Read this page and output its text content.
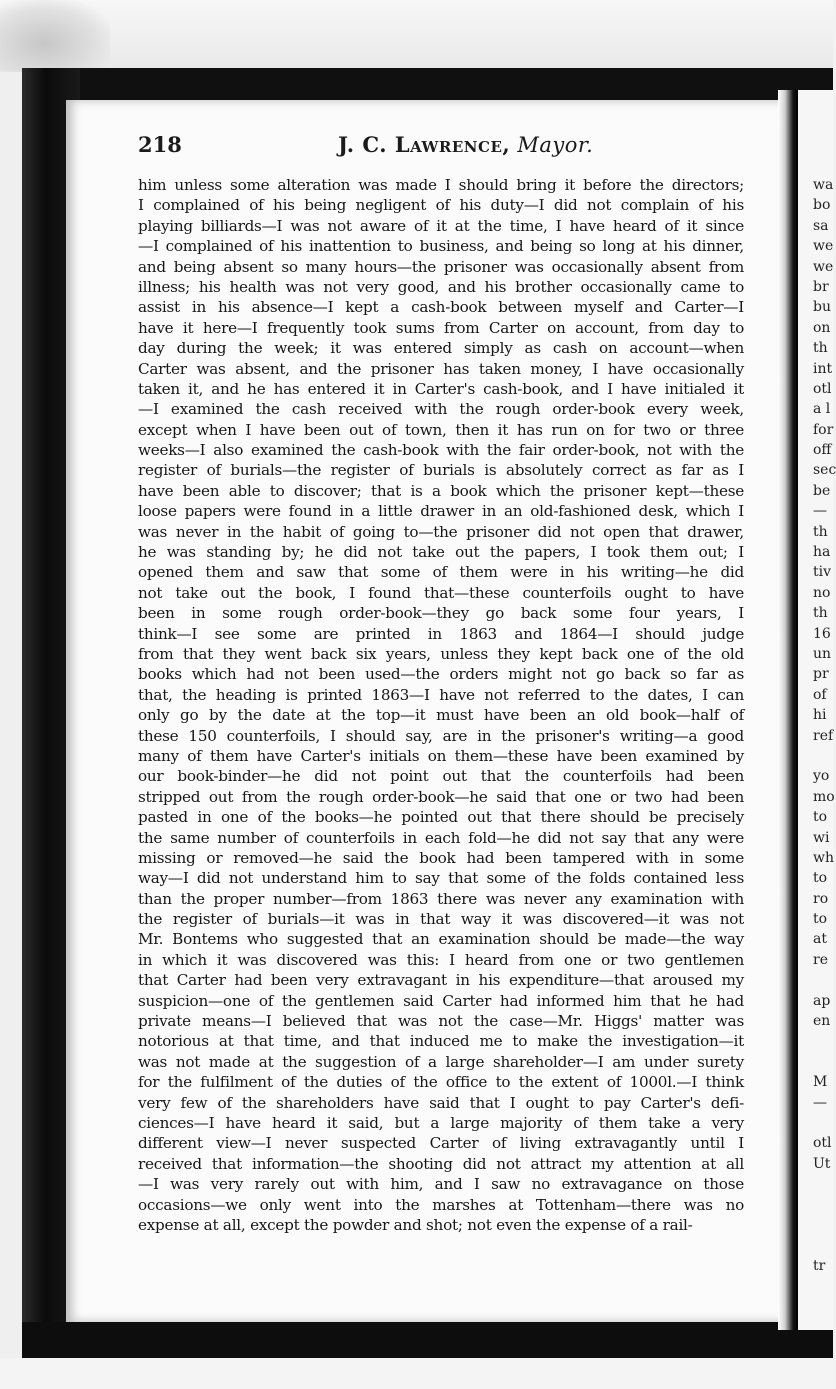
218	J. C. Lawrence, Mayor.
him unless some alteration was made I should bring it before the directors;
I complained of his being negligent of his duty—I did not complain of his
playing billiards—I was not aware of it at the time, I have heard of it since
—I complained of his inattention to business, and being so long at his dinner,
and being absent so many hours—the prisoner was occasionally absent from
illness; his health was not very good, and his brother occasionally came to
assist in his absence—I kept a cash-book between myself and Carter—I
have it here—I frequently took sums from Carter on account, from day to
day during the week; it was entered simply as cash on account—when
Carter was absent, and the prisoner has taken money, I have occasionally
taken it, and he has entered it in Carter's cash-book, and I have initialed it
—I examined the cash received with the rough order-book every week,
except when I have been out of town, then it has run on for two or three
weeks—I also examined the cash-book with the fair order-book, not with the
register of burials—the register of burials is absolutely correct as far as I
have been able to discover; that is a book which the prisoner kept—these
loose papers were found in a little drawer in an old-fashioned desk, which I
was never in the habit of going to—the prisoner did not open that drawer,
he was standing by; he did not take out the papers, I took them out; I
opened them and saw that some of them were in his writing—he did
not take out the book, I found that—these counterfoils ought to have
been in some rough order-book—they go back some four years, I
think—I see some are printed in 1863 and 1864—I should judge
from that they went back six years, unless they kept back one of the old
books which had not been used—the orders might not go back so far as
that, the heading is printed 1863—I have not referred to the dates, I can
only go by the date at the top—it must have been an old book—half of
these 150 counterfoils, I should say, are in the prisoner's writing—a good
many of them have Carter's initials on them—these have been examined by
our book-binder—he did not point out that the counterfoils had been
stripped out from the rough order-book—he said that one or two had been
pasted in one of the books—he pointed out that there should be precisely
the same number of counterfoils in each fold—he did not say that any were
missing or removed—he said the book had been tampered with in some
way—I did not understand him to say that some of the folds contained less
than the proper number—from 1863 there was never any examination with
the register of burials—it was in that way it was discovered—it was not
Mr. Bontems who suggested that an examination should be made—the way
in which it was discovered was this: I heard from one or two gentlemen
that Carter had been very extravagant in his expenditure—that aroused my
suspicion—one of the gentlemen said Carter had informed him that he had
private means—I believed that was not the case—Mr. Higgs' matter was
notorious at that time, and that induced me to make the investigation—it
was not made at the suggestion of a large shareholder—I am under surety
for the fulfilment of the duties of the office to the extent of 1000l.—I think
very few of the shareholders have said that I ought to pay Carter's defi-
ciences—I have heard it said, but a large majority of them take a very
different view—I never suspected Carter of living extravagantly until I
received that information—the shooting did not attract my attention at all
—I was very rarely out with him, and I saw no extravagance on those
occasions—we only went into the marshes at Tottenham—there was no
expense at all, except the powder and shot; not even the expense of a rail-
wa
bo
sa
we
we
br
bu
on
th
int
otl
a l
for
off
sec
be
—
th
ha
tiv
no
th
16
un
pr
of
hi
ref
yo
mo
to
wi
wh
to
ro
to
at
re
ap
en
M
—
otl
Ut
tr
